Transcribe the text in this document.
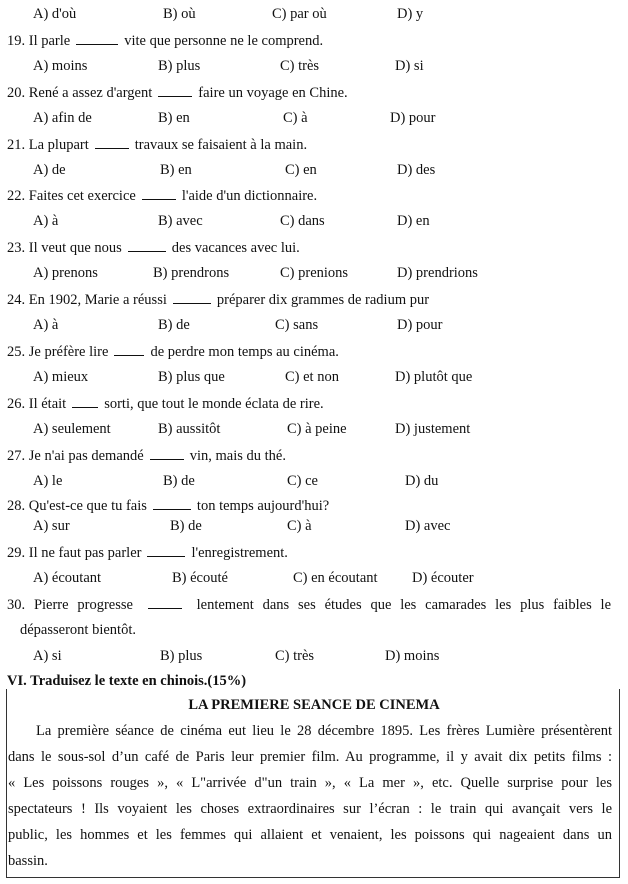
A) d'où	B) où	C) par où	D) y
19. Il parle	vite que personne ne le comprend.
A) moins	B) plus	C) très	D) si
20. René a assez d'argent	faire un voyage en Chine.
A) afin de	B) en	C) à	D) pour
21. La plupart	travaux se faisaient à la main.
A) de	B) en	C) en	D) des
22. Faites cet exercice	l'aide d'un dictionnaire.
A) à	B) avec	C) dans	D) en
23. Il veut que nous	des vacances avec lui.
A) prenons	B) prendrons	C) prenions	D) prendrions
24. En 1902, Marie a réussi	préparer dix grammes de radium pur
A) à	B) de	C) sans	D) pour
25. Je préfère lire	de perdre mon temps au cinéma.
A) mieux	B) plus que	C) et non	D) plutôt que
26. Il était	sorti, que tout le monde éclata de rire.
A) seulement	B) aussitôt	C) à peine	D) justement
27. Je n'ai pas demandé	vin, mais du thé.
A) le	B) de	C) ce	D) du
28. Qu'est-ce que tu fais	ton temps aujourd'hui?
A) sur	B) de	C) à	D) avec
29. Il ne faut pas parler	l'enregistrement.
A) écoutant	B) écouté	C) en écoutant D) écouter
30. Pierre progresse	lentement dans ses études que les camarades les plus faibles le
dépasseront bientôt.
A) si	B) plus	C) très	D) moins
VI. Traduisez le texte en chinois.(15%)
LA PREMIERE SEANCE DE CINEMA
La première séance de cinéma eut lieu le 28 décembre 1895. Les frères Lumière présentèrent
dans le sous-sol d’un café de Paris leur premier film. Au programme, il y avait dix petits films :
« Les poissons rouges », « L"arrivée d"un train », « La mer », etc. Quelle surprise pour les
spectateurs ! Ils voyaient les choses extraordinaires sur l’écran : le train qui avançait vers le
public, les hommes et les femmes qui allaient et venaient, les poissons qui nageaient dans un
bassin.
